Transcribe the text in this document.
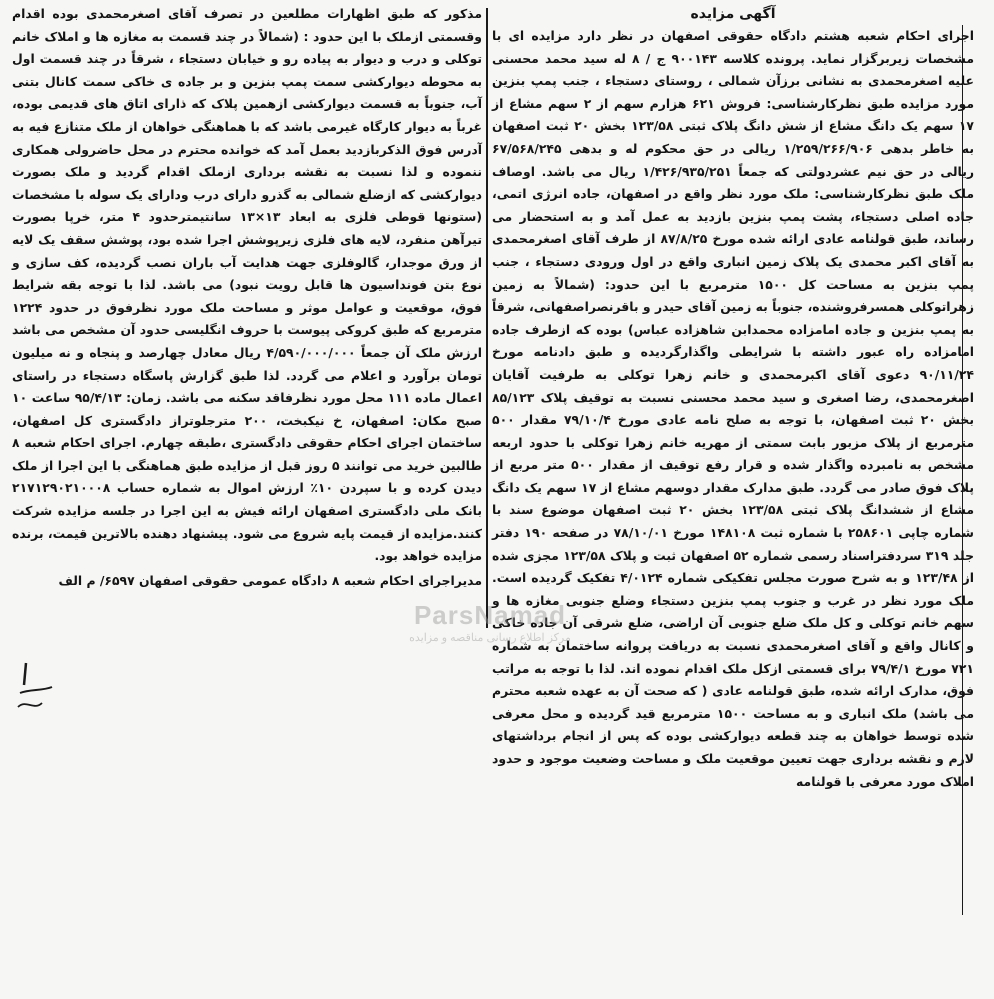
آگهی مزایده

اجرای احکام شعبه هشتم دادگاه حقوقی اصفهان در نظر دارد مزایده ای با مشخصات زیربرگزار نماید. پرونده کلاسه ۹۰۰۱۴۳ ج / ۸ له سید محمد محسنی علیه اصغرمحمدی به نشانی برزآن شمالی ، روستای دستجاء ، جنب پمپ بنزین مورد مزایده طبق نظرکارشناسی: فروش ۶۲۱ هزارم سهم از ۲ سهم مشاع از ۱۷ سهم یک دانگ مشاع از شش دانگ پلاک ثبتی ۱۲۳/۵۸ بخش ۲۰ ثبت اصفهان به خاطر بدهی ۱/۲۵۹/۲۶۶/۹۰۶ ریالی در حق محکوم له و بدهی ۶۷/۵۶۸/۲۴۵ ریالی در حق نیم عشردولتی که جمعاً ۱/۴۲۶/۹۳۵/۲۵۱ ریال می باشد. اوصاف ملک طبق نظرکارشناسی: ملک مورد نظر واقع در اصفهان، جاده انرژی اتمی، جاده اصلی دستجاء، پشت پمپ بنزین بازدید به عمل آمد و به استحضار می رساند، طبق قولنامه عادی ارائه شده مورخ ۸۷/۸/۲۵ از طرف آقای اصغرمحمدی به آقای اکبر محمدی یک پلاک زمین انباری واقع در اول ورودی دستجاء ، جنب پمپ بنزین به مساحت کل ۱۵۰۰ مترمربع با این حدود: (شمالاً به زمین زهراتوکلی همسرفروشنده، جنوباً به زمین آقای حیدر و باقرنصراصفهانی، شرقاً به پمپ بنزین و جاده امامزاده محمدابن شاهزاده عباس) بوده که ازطرف جاده امامزاده راه عبور داشته با شرایطی واگذارگردیده و طبق دادنامه مورخ ۹۰/۱۱/۲۴ دعوی آقای اکبرمحمدی و خانم زهرا توکلی به طرفیت آقایان اصغرمحمدی، رضا اصغری و سید محمد محسنی نسبت به توقیف پلاک ۸۵/۱۲۳ بخش ۲۰ ثبت اصفهان، با توجه به صلح نامه عادی مورخ ۷۹/۱۰/۴ مقدار ۵۰۰ مترمربع از پلاک مزبور بابت سمتی از مهریه خانم زهرا توکلی با حدود اربعه مشخص به نامبرده واگذار شده و قرار رفع توقیف از مقدار ۵۰۰ متر مربع از پلاک فوق صادر می گردد. طبق مدارک مقدار دوسهم مشاع از ۱۷ سهم یک دانگ مشاع از ششدانگ پلاک ثبتی ۱۲۳/۵۸ بخش ۲۰ ثبت اصفهان موضوع سند با شماره چاپی ۲۵۸۶۰۱ با شماره ثبت ۱۴۸۱۰۸ مورخ ۷۸/۱۰/۰۱ در صفحه ۱۹۰ دفتر جلد ۳۱۹ سردفتراسناد رسمی شماره ۵۲ اصفهان ثبت و پلاک ۱۲۳/۵۸ مجزی شده از ۱۲۳/۴۸ و به شرح صورت مجلس تفکیکی شماره ۴/۰۱۲۴ تفکیک گردیده است. ملک مورد نظر در غرب و جنوب پمپ بنزین دستجاء وضلع جنوبی مغازه ها و سهم خانم توکلی و کل ملک ضلع جنوبی آن اراضی، ضلع شرقی آن جاده خاکی و کانال واقع و آقای اصغرمحمدی نسبت به دریافت پروانه ساختمان به شماره ۷۲۱ مورخ ۷۹/۴/۱ برای قسمتی ازکل ملک اقدام نموده اند. لذا با توجه به مراتب فوق، مدارک ارائه شده، طبق قولنامه عادی ( که صحت آن به عهده شعبه محترم می باشد) ملک انباری و به مساحت ۱۵۰۰ مترمربع قید گردیده و محل معرفی شده توسط خواهان به چند قطعه دیوارکشی بوده که پس از انجام برداشتهای لازم و نقشه برداری جهت تعیین موقعیت ملک و مساحت وضعیت موجود و حدود املاک مورد معرفی با قولنامه

مذکور که طبق اظهارات مطلعین در تصرف آقای اصغرمحمدی بوده اقدام وقسمتی ازملک با این حدود : (شمالاً در چند قسمت به مغازه ها و املاک خانم توکلی و درب و دیوار به پیاده رو و خیابان دستجاء ، شرقاً در چند قسمت اول به محوطه دیوارکشی سمت پمپ بنزین و بر جاده ی خاکی سمت کانال بتنی آب، جنوباً به قسمت دیوارکشی ازهمین پلاک که ذارای اتاق های قدیمی بوده، غرباً به دیوار کارگاه غیرمی باشد که با هماهنگی خواهان از ملک متنازع فیه به آدرس فوق الذکربازدید بعمل آمد که خوانده محترم در محل حاضرولی همکاری ننموده و لذا نسبت به نقشه برداری ازملک اقدام گردید و ملک بصورت دیوارکشی که ازضلع شمالی به گذرو دارای درب ودارای یک سوله با مشخصات (ستونها قوطی فلزی به ابعاد ۱۳×۱۳ سانتیمترحدود ۴ متر، خرپا بصورت تیرآهن منفرد، لایه های فلزی زیرپوشش اجرا شده بود، پوشش سقف یک لایه از ورق موجدار، گالوفلزی جهت هدایت آب باران نصب گردیده، کف سازی و نوع بتن فونداسیون ها قابل رویت نبود) می باشد. لذا با توجه بقه شرایط فوق، موقعیت و عوامل موثر و مساحت ملک مورد نظرفوق در حدود ۱۲۲۴ مترمربع که طبق کروکی پیوست با حروف انگلیسی حدود آن مشخص می باشد ارزش ملک آن جمعاً ۴/۵۹۰/۰۰۰/۰۰۰ ریال معادل چهارصد و پنجاه و نه میلیون تومان برآورد و اعلام می گردد. لذا طبق گزارش پاسگاه دستجاء در راستای اعمال ماده ۱۱۱ محل مورد نظرفاقد سکنه می باشد. زمان: ۹۵/۴/۱۳ ساعت ۱۰ صبح مکان: اصفهان، خ نیکبخت، ۲۰۰ مترجلوتراز دادگستری کل اصفهان، ساختمان اجرای احکام حقوقی دادگستری ،طبقه چهارم. اجرای احکام شعبه ۸ طالبین خرید می توانند ۵ روز قبل از مزایده طبق هماهنگی با این اجرا از ملک دیدن کرده و با سپردن ۱۰٪ ارزش اموال به شماره حساب ۲۱۷۱۲۹۰۲۱۰۰۰۸ بانک ملی دادگستری اصفهان ارائه فیش به این اجرا در جلسه مزایده شرکت کنند.مزایده از قیمت پایه شروع می شود. پیشنهاد دهنده بالاترین قیمت، برنده مزایده خواهد بود.

مدیراجرای احکام شعبه ۸ دادگاه عمومی حقوقی اصفهان ۶۵۹۷/ م الف

ParsNamad
مرکز اطلاع رسانی مناقصه و مزایده
